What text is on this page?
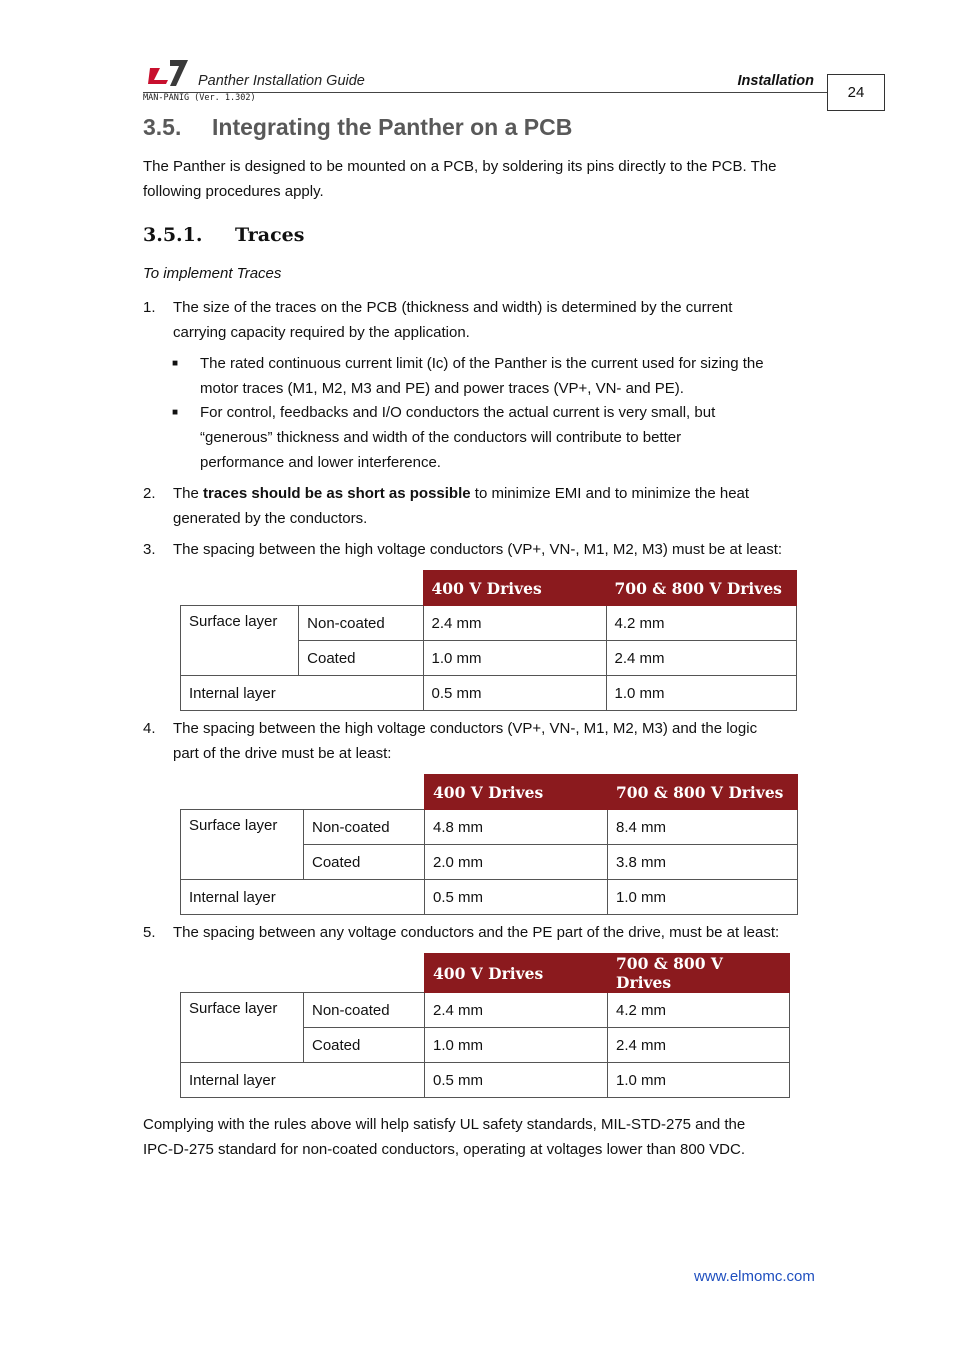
Panther Installation Guide	Installation
MAN-PANIG (Ver. 1.302)	24
3.5. Integrating the Panther on a PCB
The Panther is designed to be mounted on a PCB, by soldering its pins directly to the PCB. The
following procedures apply.
3.5.1. Traces
To implement Traces
1.	The size of the traces on the PCB (thickness and width) is determined by the current
carrying capacity required by the application.
■ The rated continuous current limit (Ic) of the Panther is the current used for sizing the
motor traces (M1, M2, M3 and PE) and power traces (VP+, VN- and PE).
■ For control, feedbacks and I/O conductors the actual current is very small, but
“generous” thickness and width of the conductors will contribute to better
performance and lower interference.
2.	The traces should be as short as possible to minimize EMI and to minimize the heat
generated by the conductors.
3.	The spacing between the high voltage conductors (VP+, VN-, M1, M2, M3) must be at least:
		400 V Drives	700 & 800 V Drives
Surface layer	Non-coated	2.4 mm	4.2 mm
	Coated	1.0 mm	2.4 mm
Internal layer		0.5 mm	1.0 mm
4.	The spacing between the high voltage conductors (VP+, VN-, M1, M2, M3) and the logic
part of the drive must be at least:
		400 V Drives	700 & 800 V Drives
Surface layer	Non-coated	4.8 mm	8.4 mm
	Coated	2.0 mm	3.8 mm
Internal layer		0.5 mm	1.0 mm
5.	The spacing between any voltage conductors and the PE part of the drive, must be at least:
		400 V Drives	700 & 800 V Drives
Surface layer	Non-coated	2.4 mm	4.2 mm
	Coated	1.0 mm	2.4 mm
Internal layer		0.5 mm	1.0 mm
Complying with the rules above will help satisfy UL safety standards, MIL-STD-275 and the
IPC-D-275 standard for non-coated conductors, operating at voltages lower than 800 VDC.
www.elmomc.com
